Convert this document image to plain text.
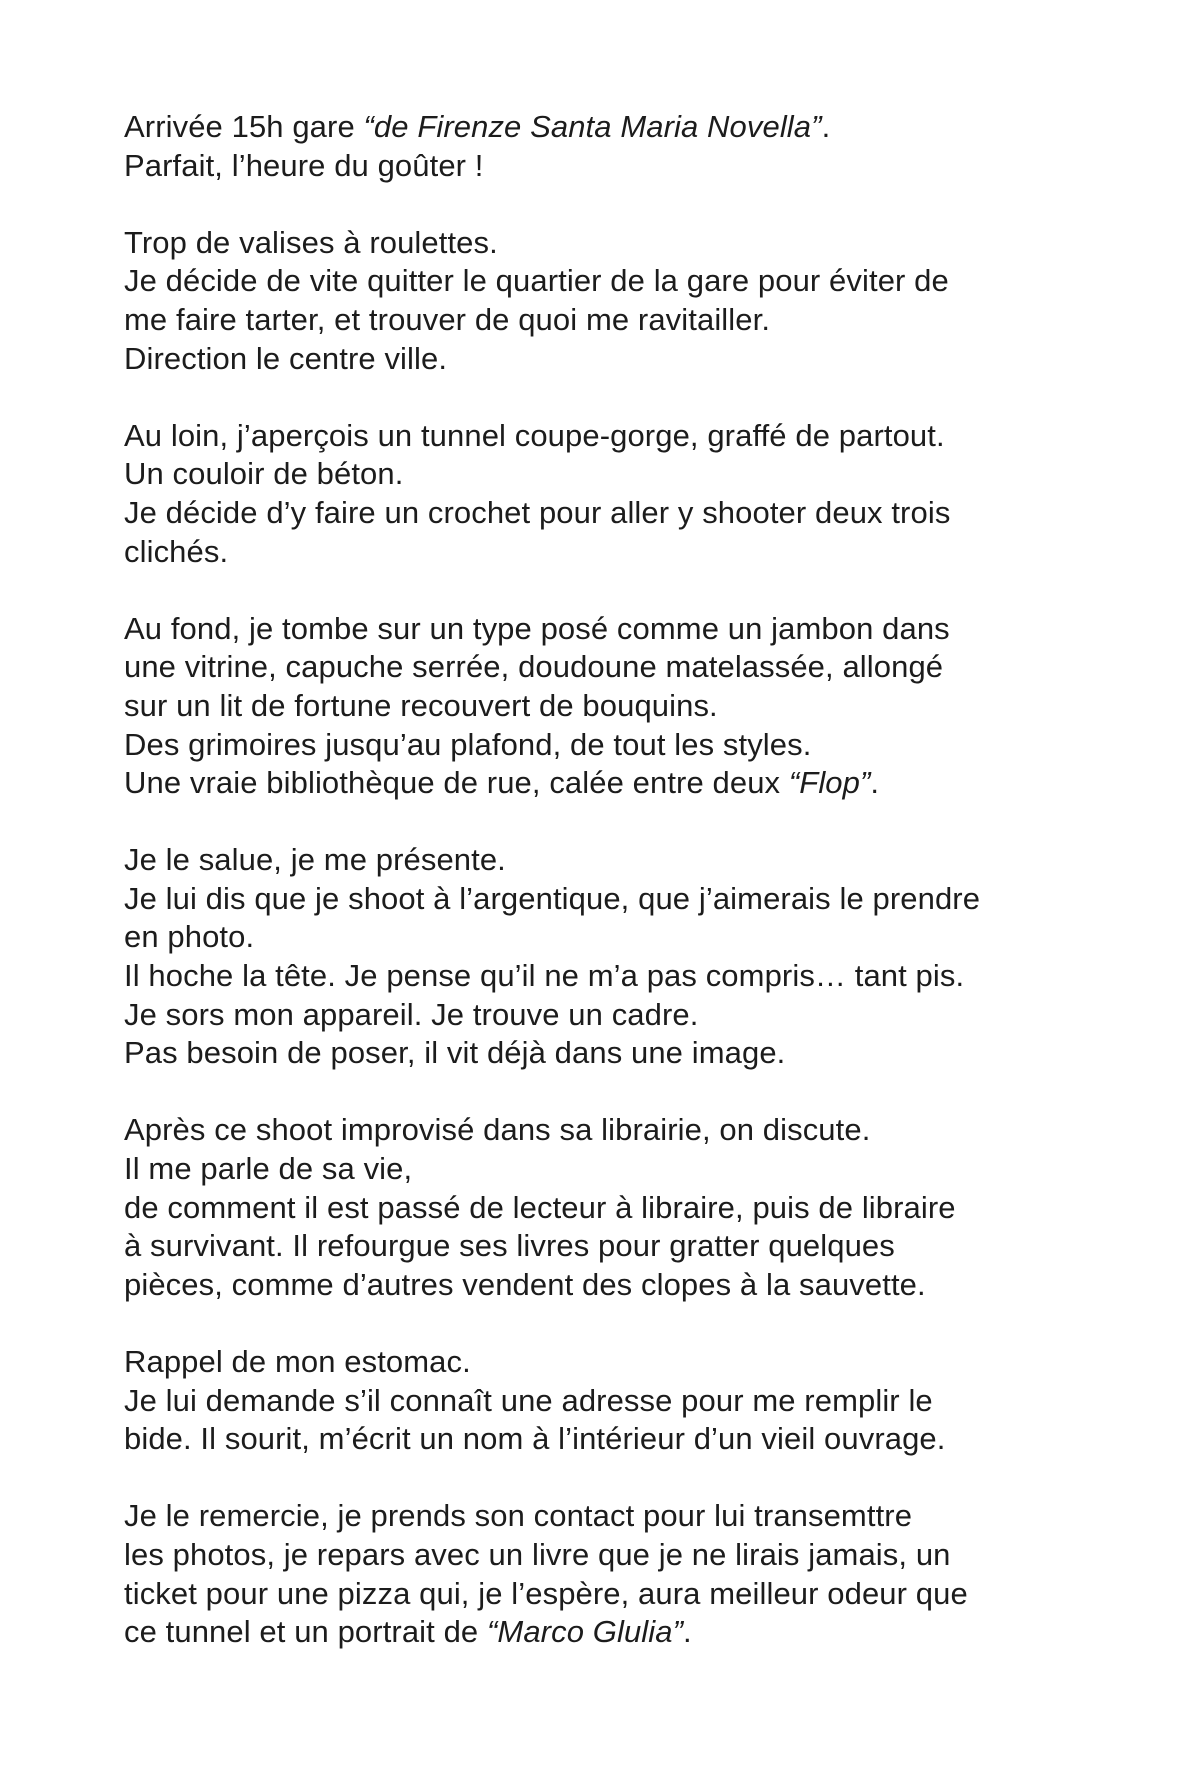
Arrivée 15h gare “de Firenze Santa Maria Novella”.
Parfait, l’heure du goûter !
Trop de valises à roulettes.
Je décide de vite quitter le quartier de la gare pour éviter de
me faire tarter, et trouver de quoi me ravitailler.
Direction le centre ville.
Au loin, j’aperçois un tunnel coupe-gorge, graffé de partout.
Un couloir de béton.
Je décide d’y faire un crochet pour aller y shooter deux trois
clichés.
Au fond, je tombe sur un type posé comme un jambon dans
une vitrine, capuche serrée, doudoune matelassée, allongé
sur un lit de fortune recouvert de bouquins.
Des grimoires jusqu’au plafond, de tout les styles.
Une vraie bibliothèque de rue, calée entre deux “Flop”.
Je le salue, je me présente.
Je lui dis que je shoot à l’argentique, que j’aimerais le prendre
en photo.
Il hoche la tête. Je pense qu’il ne m’a pas compris… tant pis.
Je sors mon appareil. Je trouve un cadre.
Pas besoin de poser, il vit déjà dans une image.
Après ce shoot improvisé dans sa librairie, on discute.
Il me parle de sa vie,
de comment il est passé de lecteur à libraire, puis de libraire
à survivant. Il refourgue ses livres pour gratter quelques
pièces, comme d’autres vendent des clopes à la sauvette.
Rappel de mon estomac.
Je lui demande s’il connaît une adresse pour me remplir le
bide. Il sourit, m’écrit un nom à l’intérieur d’un vieil ouvrage.
Je le remercie, je prends son contact pour lui transemttre
les photos, je repars avec un livre que je ne lirais jamais, un
ticket pour une pizza qui, je l’espère, aura meilleur odeur que
ce tunnel et un portrait de “Marco Glulia”.
